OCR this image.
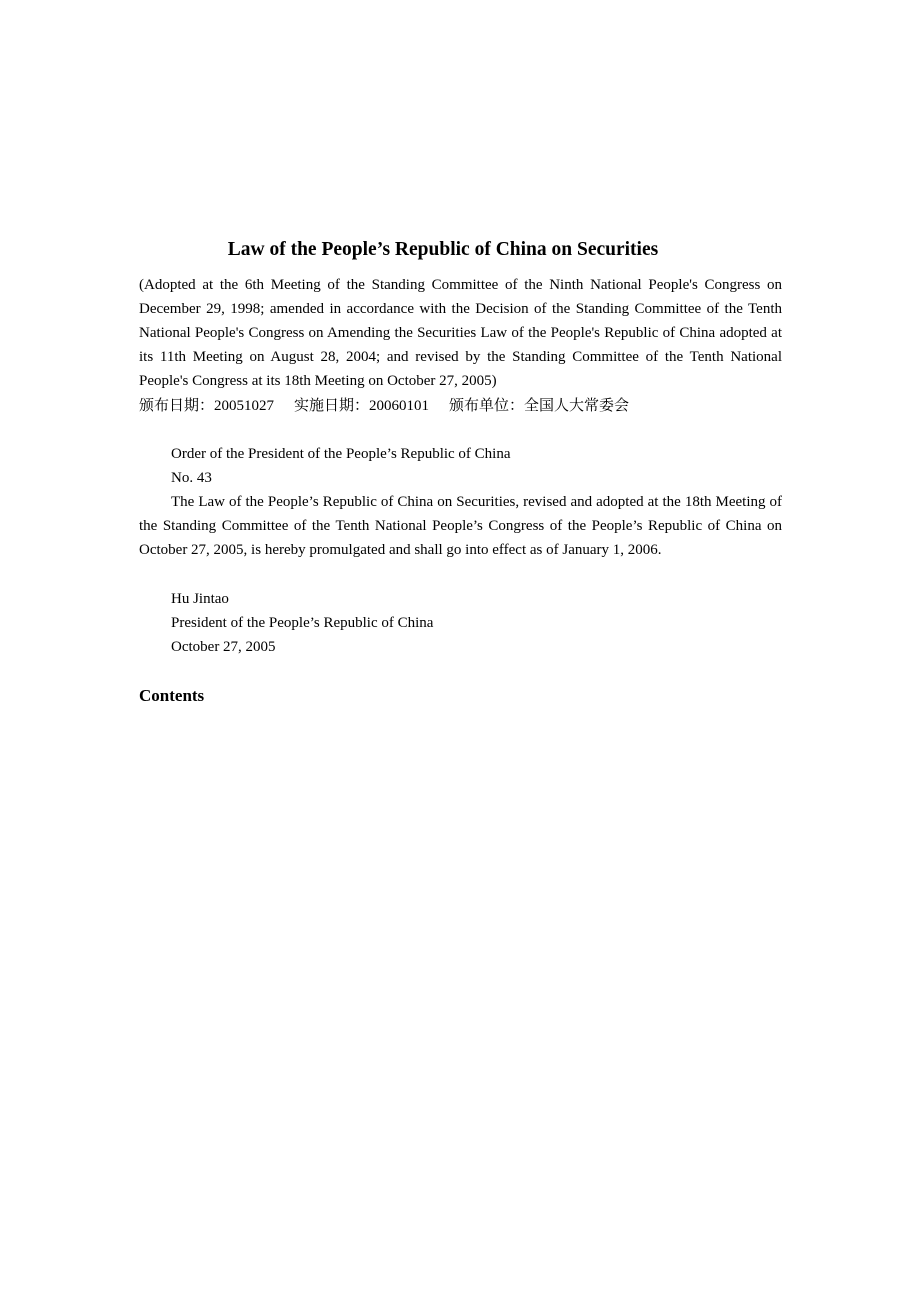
Law of the People’s Republic of China on Securities

(Adopted at the 6th Meeting of the Standing Committee of the Ninth National People's Congress on December 29, 1998; amended in accordance with the Decision of the Standing Committee of the Tenth National People's Congress on Amending the Securities Law of the People's Republic of China adopted at its 11th Meeting on August 28, 2004; and revised by the Standing Committee of the Tenth National People's Congress at its 18th Meeting on October 27, 2005)

颁布日期：20051027 实施日期：20060101 颁布单位：全国人大常委会

Order of the President of the People’s Republic of China

No. 43

The Law of the People’s Republic of China on Securities, revised and adopted at the 18th Meeting of the Standing Committee of the Tenth National People’s Congress of the People’s Republic of China on October 27, 2005, is hereby promulgated and shall go into effect as of January 1, 2006.

Hu Jintao

President of the People’s Republic of China

October 27, 2005

Contents
